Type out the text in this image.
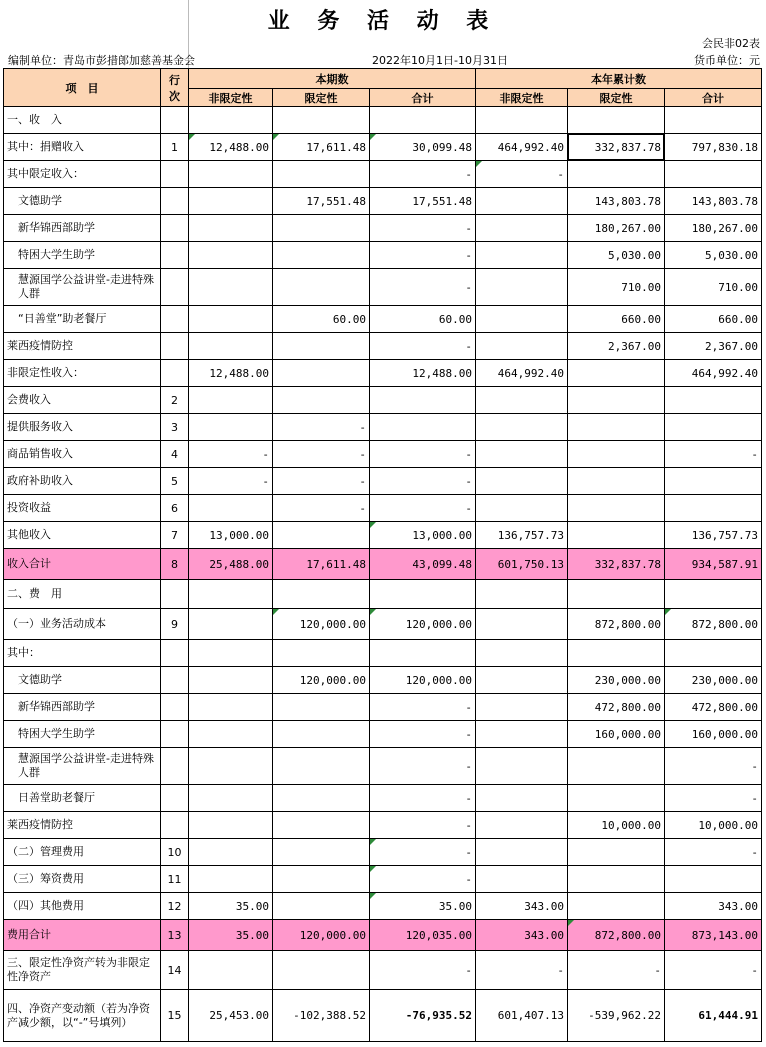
业 务 活 动 表
会民非02表
编制单位：青岛市彭措郎加慈善基金会	2022年10月1日-10月31日	货币单位：元
项　目	行次	本期数			本年累计数		
		非限定性	限定性	合计	非限定性	限定性	合计
一、收　入							
其中：捐赠收入	1	12,488.00	17,611.48	30,099.48	464,992.40	332,837.78	797,830.18
其中限定收入：				-	-		
文德助学			17,551.48	17,551.48		143,803.78	143,803.78
新华锦西部助学				-		180,267.00	180,267.00
特困大学生助学				-		5,030.00	5,030.00
慧源国学公益讲堂-走进特殊人群				-		710.00	710.00
“日善堂”助老餐厅			60.00	60.00		660.00	660.00
莱西疫情防控				-		2,367.00	2,367.00
非限定性收入：		12,488.00		12,488.00	464,992.40		464,992.40
会费收入	2						
提供服务收入	3		-				
商品销售收入	4	-	-	-			-
政府补助收入	5	-	-	-			
投资收益	6		-	-			
其他收入	7	13,000.00		13,000.00	136,757.73		136,757.73
收入合计	8	25,488.00	17,611.48	43,099.48	601,750.13	332,837.78	934,587.91
二、费　用							
（一）业务活动成本	9		120,000.00	120,000.00		872,800.00	872,800.00
其中：							
文德助学			120,000.00	120,000.00		230,000.00	230,000.00
新华锦西部助学				-		472,800.00	472,800.00
特困大学生助学				-		160,000.00	160,000.00
慧源国学公益讲堂-走进特殊人群				-			-
日善堂助老餐厅				-			-
莱西疫情防控				-		10,000.00	10,000.00
（二）管理费用	10			-			-
（三）筹资费用	11			-			
（四）其他费用	12	35.00		35.00	343.00		343.00
费用合计	13	35.00	120,000.00	120,035.00	343.00	872,800.00	873,143.00
三、限定性净资产转为非限定性净资产	14			-	-	-	-
四、净资产变动额（若为净资产减少额，以“-”号填列）	15	25,453.00	-102,388.52	-76,935.52	601,407.13	-539,962.22	61,444.91
